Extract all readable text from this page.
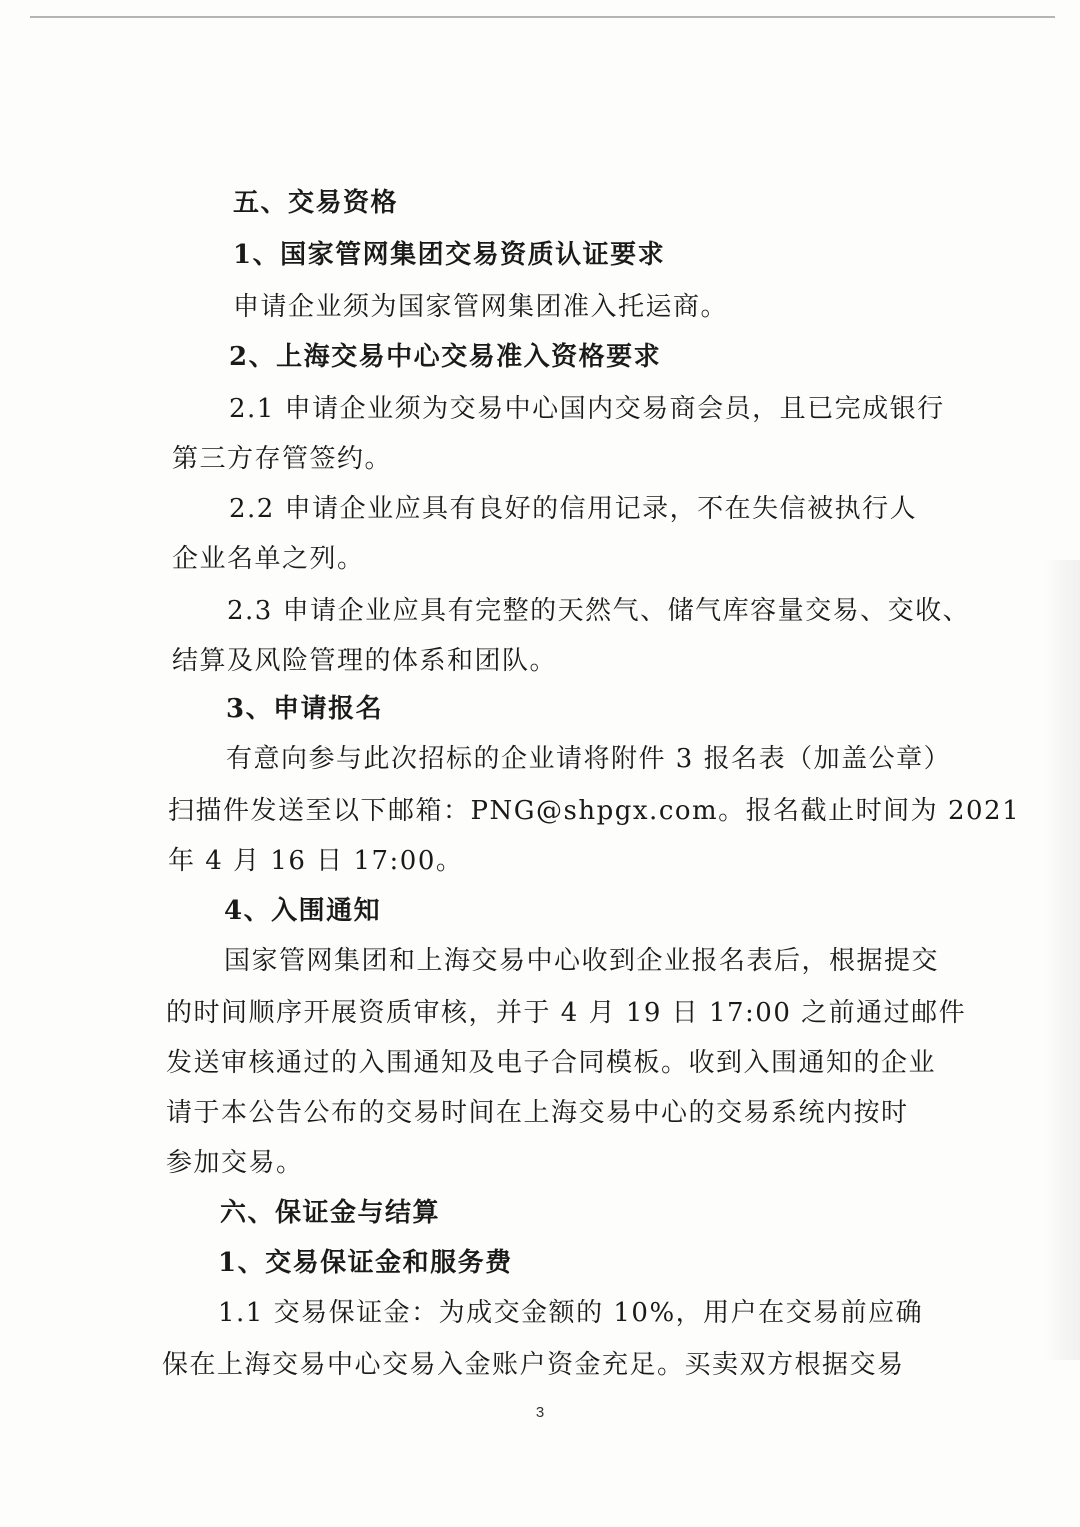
五、交易资格
1、国家管网集团交易资质认证要求
申请企业须为国家管网集团准入托运商。
2、上海交易中心交易准入资格要求
2.1 申请企业须为交易中心国内交易商会员，且已完成银行
第三方存管签约。
2.2 申请企业应具有良好的信用记录，不在失信被执行人
企业名单之列。
2.3 申请企业应具有完整的天然气、储气库容量交易、交收、
结算及风险管理的体系和团队。
3、申请报名
有意向参与此次招标的企业请将附件 3 报名表（加盖公章）
扫描件发送至以下邮箱：PNG@shpgx.com。报名截止时间为 2021
年 4 月 16 日 17:00。
4、入围通知
国家管网集团和上海交易中心收到企业报名表后，根据提交
的时间顺序开展资质审核，并于 4 月 19 日 17:00 之前通过邮件
发送审核通过的入围通知及电子合同模板。收到入围通知的企业
请于本公告公布的交易时间在上海交易中心的交易系统内按时
参加交易。
六、保证金与结算
1、交易保证金和服务费
1.1 交易保证金：为成交金额的 10%，用户在交易前应确
保在上海交易中心交易入金账户资金充足。买卖双方根据交易
3
